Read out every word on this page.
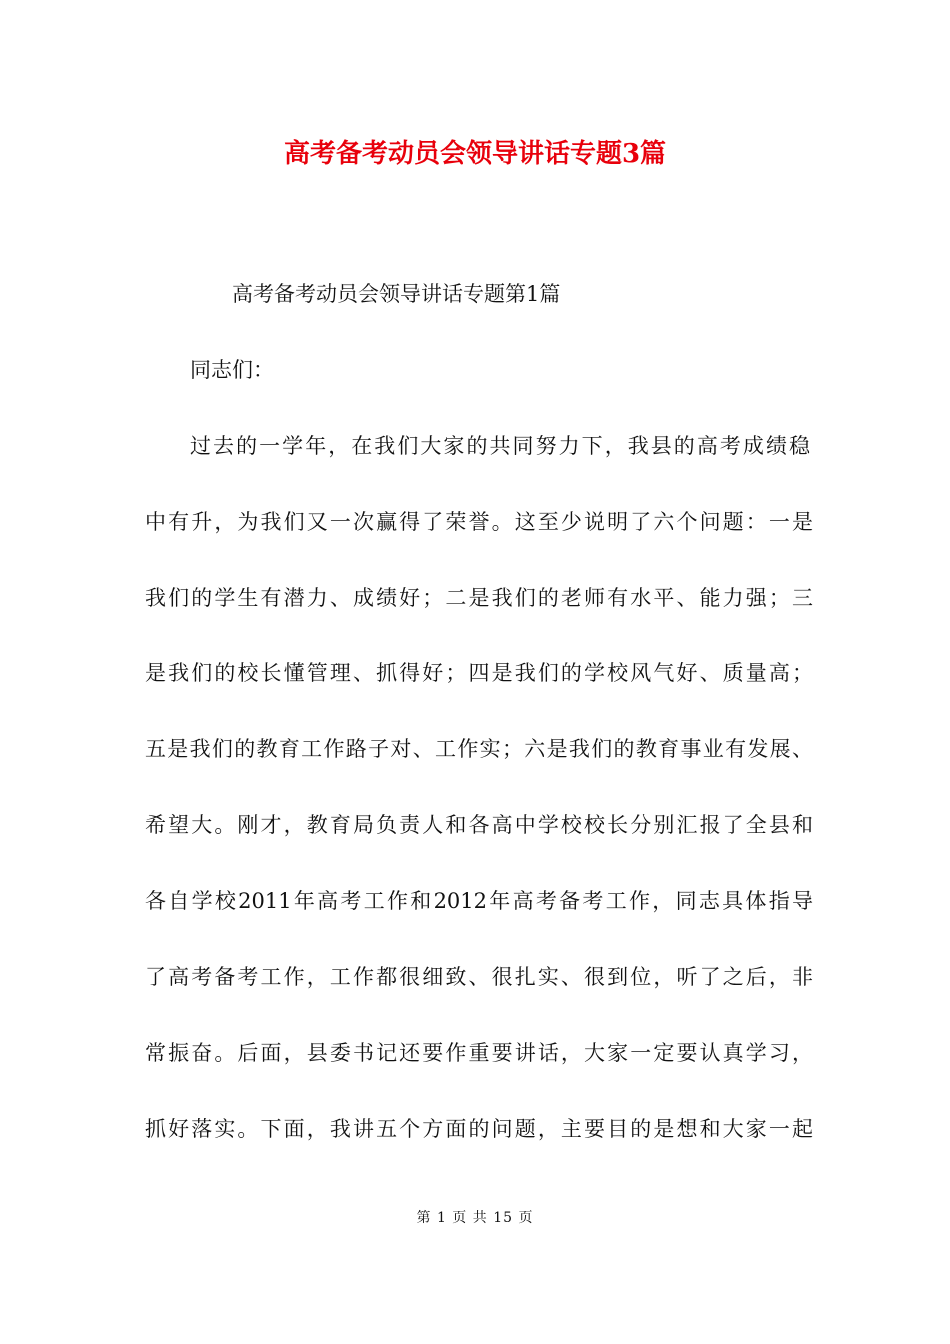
高考备考动员会领导讲话专题3篇

高考备考动员会领导讲话专题第1篇

同志们：

过去的一学年，在我们大家的共同努力下，我县的高考成绩稳

中有升，为我们又一次赢得了荣誉。这至少说明了六个问题：一是

我们的学生有潜力、成绩好；二是我们的老师有水平、能力强；三

是我们的校长懂管理、抓得好；四是我们的学校风气好、质量高；

五是我们的教育工作路子对、工作实；六是我们的教育事业有发展、

希望大。刚才，教育局负责人和各高中学校校长分别汇报了全县和

各自学校2011年高考工作和2012年高考备考工作，同志具体指导

了高考备考工作，工作都很细致、很扎实、很到位，听了之后，非

常振奋。后面，县委书记还要作重要讲话，大家一定要认真学习，

抓好落实。下面，我讲五个方面的问题，主要目的是想和大家一起

第 1 页 共 15 页
